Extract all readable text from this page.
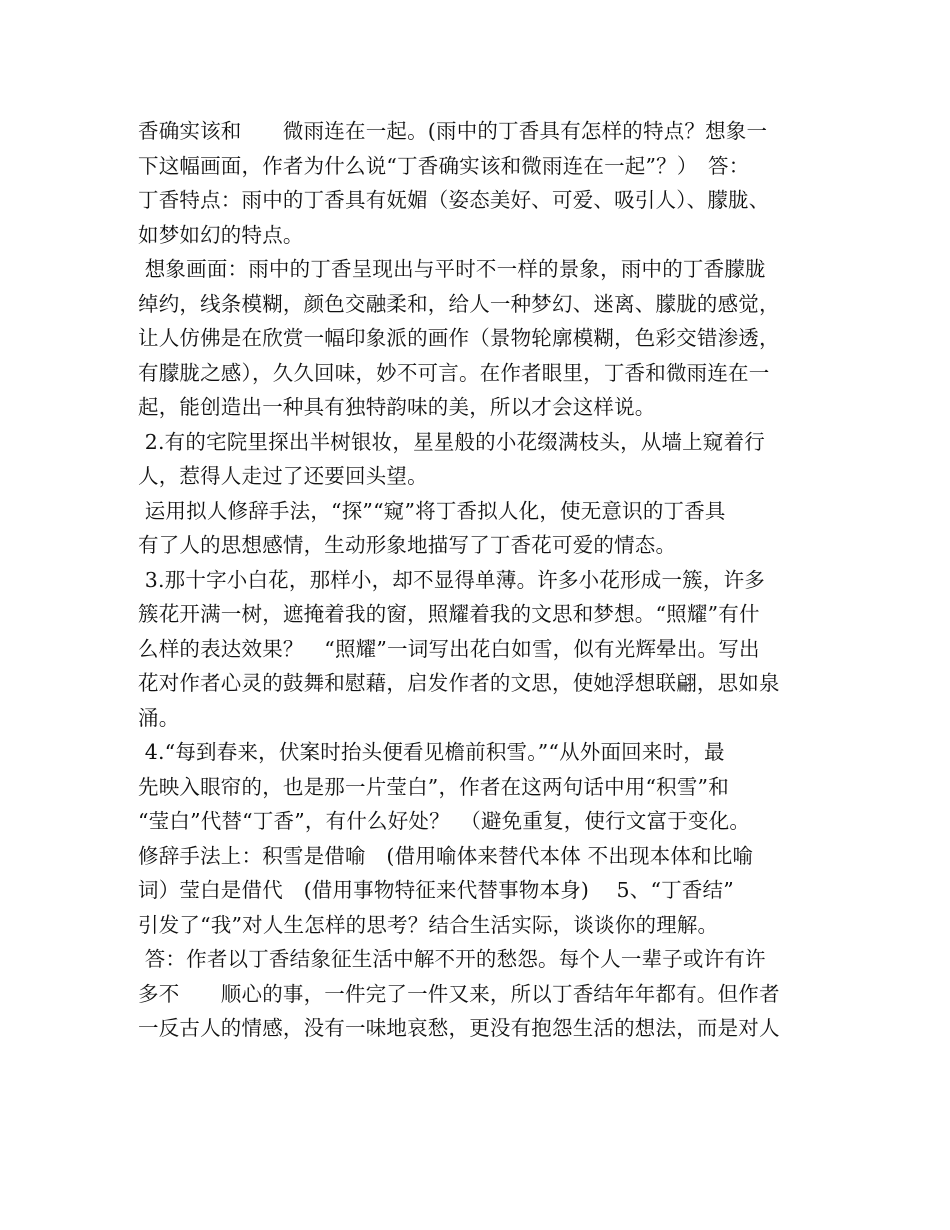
香确实该和　　微雨连在一起。(雨中的丁香具有怎样的特点？想象一
下这幅画面，作者为什么说“丁香确实该和微雨连在一起”？）　答：
丁香特点：雨中的丁香具有妩媚（姿态美好、可爱、吸引人）、朦胧、
如梦如幻的特点。
想象画面：雨中的丁香呈现出与平时不一样的景象，雨中的丁香朦胧
绰约，线条模糊，颜色交融柔和，给人一种梦幻、迷离、朦胧的感觉，
让人仿佛是在欣赏一幅印象派的画作（景物轮廓模糊，色彩交错渗透，
有朦胧之感），久久回味，妙不可言。在作者眼里，丁香和微雨连在一
起，能创造出一种具有独特韵味的美，所以才会这样说。
2.有的宅院里探出半树银妆，星星般的小花缀满枝头，从墙上窥着行
人，惹得人走过了还要回头望。
运用拟人修辞手法，“探”“窥”将丁香拟人化，使无意识的丁香具
有了人的思想感情，生动形象地描写了丁香花可爱的情态。
3.那十字小白花，那样小，却不显得单薄。许多小花形成一簇，许多
簇花开满一树，遮掩着我的窗，照耀着我的文思和梦想。“照耀”有什
么样的表达效果？　“照耀”一词写出花白如雪，似有光辉晕出。写出
花对作者心灵的鼓舞和慰藉，启发作者的文思，使她浮想联翩，思如泉
涌。
4.“每到春来，伏案时抬头便看见檐前积雪。”“从外面回来时，最
先映入眼帘的，也是那一片莹白”，作者在这两句话中用“积雪”和
“莹白”代替“丁香”，有什么好处？　（避免重复，使行文富于变化。
修辞手法上：积雪是借喻　(借用喻体来替代本体 不出现本体和比喻
词）莹白是借代　(借用事物特征来代替事物本身)　 5、“丁香结”
引发了“我”对人生怎样的思考？结合生活实际，谈谈你的理解。
答：作者以丁香结象征生活中解不开的愁怨。每个人一辈子或许有许
多不　　顺心的事，一件完了一件又来，所以丁香结年年都有。但作者
一反古人的情感，没有一味地哀愁，更没有抱怨生活的想法，而是对人
